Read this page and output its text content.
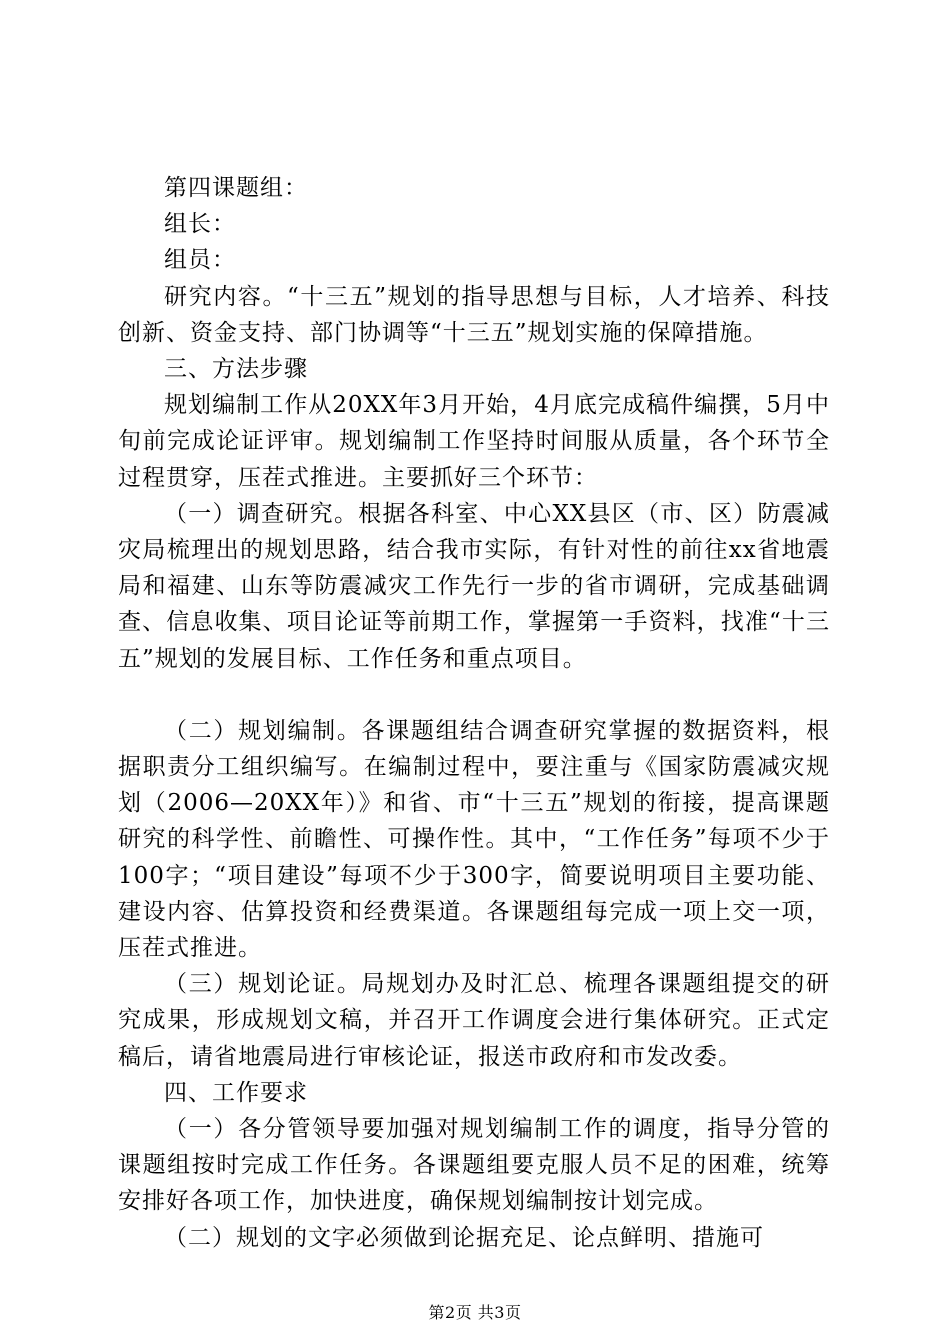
第四课题组：

组长：

组员：

研究内容。“十三五”规划的指导思想与目标，人才培养、科技创新、资金支持、部门协调等“十三五”规划实施的保障措施。

三、方法步骤

规划编制工作从20XX年3月开始，4月底完成稿件编撰，5月中旬前完成论证评审。规划编制工作坚持时间服从质量，各个环节全过程贯穿，压茬式推进。主要抓好三个环节：

（一）调查研究。根据各科室、中心XX县区（市、区）防震减灾局梳理出的规划思路，结合我市实际，有针对性的前往xx省地震局和福建、山东等防震减灾工作先行一步的省市调研，完成基础调查、信息收集、项目论证等前期工作，掌握第一手资料，找准“十三五”规划的发展目标、工作任务和重点项目。

（二）规划编制。各课题组结合调查研究掌握的数据资料，根据职责分工组织编写。在编制过程中，要注重与《国家防震减灾规划（2006—20XX年）》和省、市“十三五”规划的衔接，提高课题研究的科学性、前瞻性、可操作性。其中，“工作任务”每项不少于100字；“项目建设”每项不少于300字，简要说明项目主要功能、建设内容、估算投资和经费渠道。各课题组每完成一项上交一项，压茬式推进。

（三）规划论证。局规划办及时汇总、梳理各课题组提交的研究成果，形成规划文稿，并召开工作调度会进行集体研究。正式定稿后，请省地震局进行审核论证，报送市政府和市发改委。

四、工作要求

（一）各分管领导要加强对规划编制工作的调度，指导分管的课题组按时完成工作任务。各课题组要克服人员不足的困难，统筹安排好各项工作，加快进度，确保规划编制按计划完成。

（二）规划的文字必须做到论据充足、论点鲜明、措施可

第2页 共3页
